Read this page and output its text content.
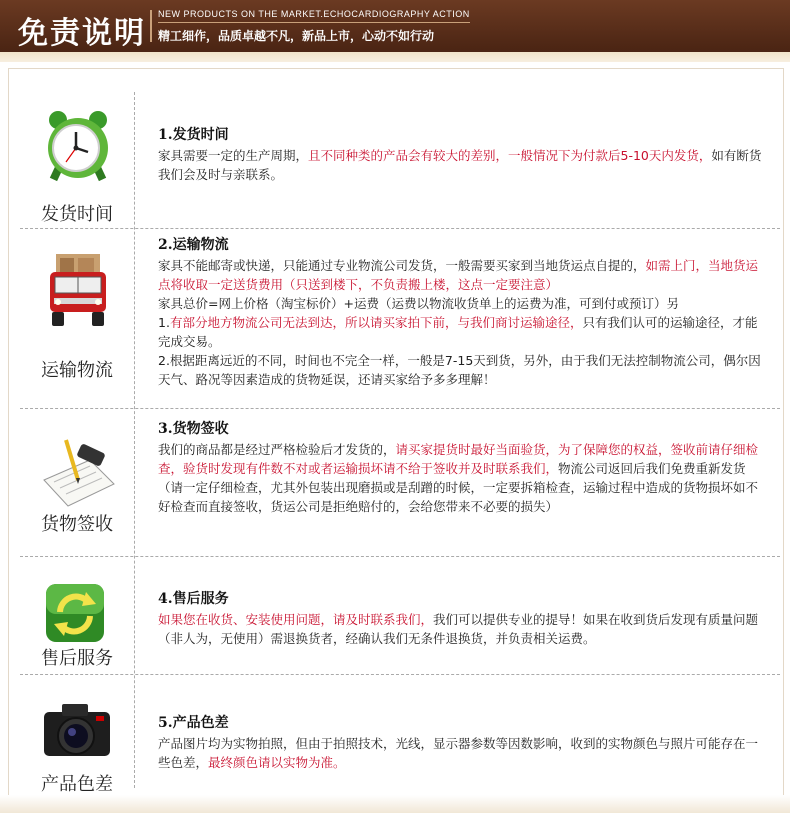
免责说明
NEW PRODUCTS ON THE MARKET.ECHOCARDIOGRAPHY ACTION
精工细作，品质卓越不凡，新品上市，心动不如行动
发货时间
1.发货时间

家具需要一定的生产周期，且不同种类的产品会有较大的差别，一般情况下为付款后5-10天内发货，如有断货我们会及时与亲联系。

运输物流
2.运输物流

家具不能邮寄或快递，只能通过专业物流公司发货，一般需要买家到当地货运点自提的，如需上门，当地货运点将收取一定送货费用（只送到楼下，不负责搬上楼，这点一定要注意）

家具总价=网上价格（淘宝标价）+运费（运费以物流收货单上的运费为准，可到付或预订）另

1.有部分地方物流公司无法到达，所以请买家拍下前，与我们商讨运输途径，只有我们认可的运输途径，才能完成交易。

2.根据距离远近的不同，时间也不完全一样，一般是7-15天到货，另外，由于我们无法控制物流公司，偶尔因天气、路况等因素造成的货物延误，还请买家给予多多理解！

货物签收
3.货物签收

我们的商品都是经过严格检验后才发货的，请买家提货时最好当面验货，为了保障您的权益，签收前请仔细检查，验货时发现有件数不对或者运输损坏请不给于签收并及时联系我们，物流公司返回后我们免费重新发货

（请一定仔细检查，尤其外包装出现磨损或是刮蹭的时候，一定要拆箱检查，运输过程中造成的货物损坏如不好检查而直接签收，货运公司是拒绝赔付的，会给您带来不必要的损失）

售后服务
4.售后服务

如果您在收货、安装使用问题，请及时联系我们，我们可以提供专业的提导！如果在收到货后发现有质量问题（非人为，无使用）需退换货者，经确认我们无条件退换货，并负责相关运费。

产品色差
5.产品色差

产品图片均为实物拍照，但由于拍照技术，光线，显示器参数等因数影响，收到的实物颜色与照片可能存在一些色差，最终颜色请以实物为准。
